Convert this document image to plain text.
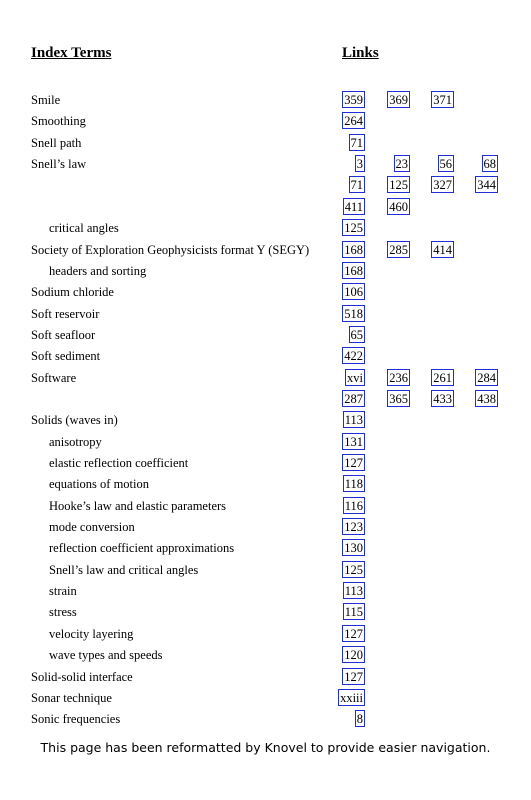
Index Terms	Links
Smile	359 369 371
Smoothing	264
Snell path	71
Snell’s law	3	23	56	68
71 125 327 344
411 460
critical angles	125
Society of Exploration Geophysicists format Y (SEGY)	168 285 414
headers and sorting	168
Sodium chloride	106
Soft reservoir	518
Soft seafloor	65
Soft sediment	422
Software	xvi 236 261 284
287 365 433 438
Solids (waves in)	113
anisotropy	131
elastic reflection coefficient	127
equations of motion	118
Hooke’s law and elastic parameters	116
mode conversion	123
reflection coefficient approximations	130
Snell’s law and critical angles	125
strain	113
stress	115
velocity layering	127
wave types and speeds	120
Solid-solid interface	127
Sonar technique	xxiii
Sonic frequencies	8
This page has been reformatted by Knovel to provide easier navigation.
